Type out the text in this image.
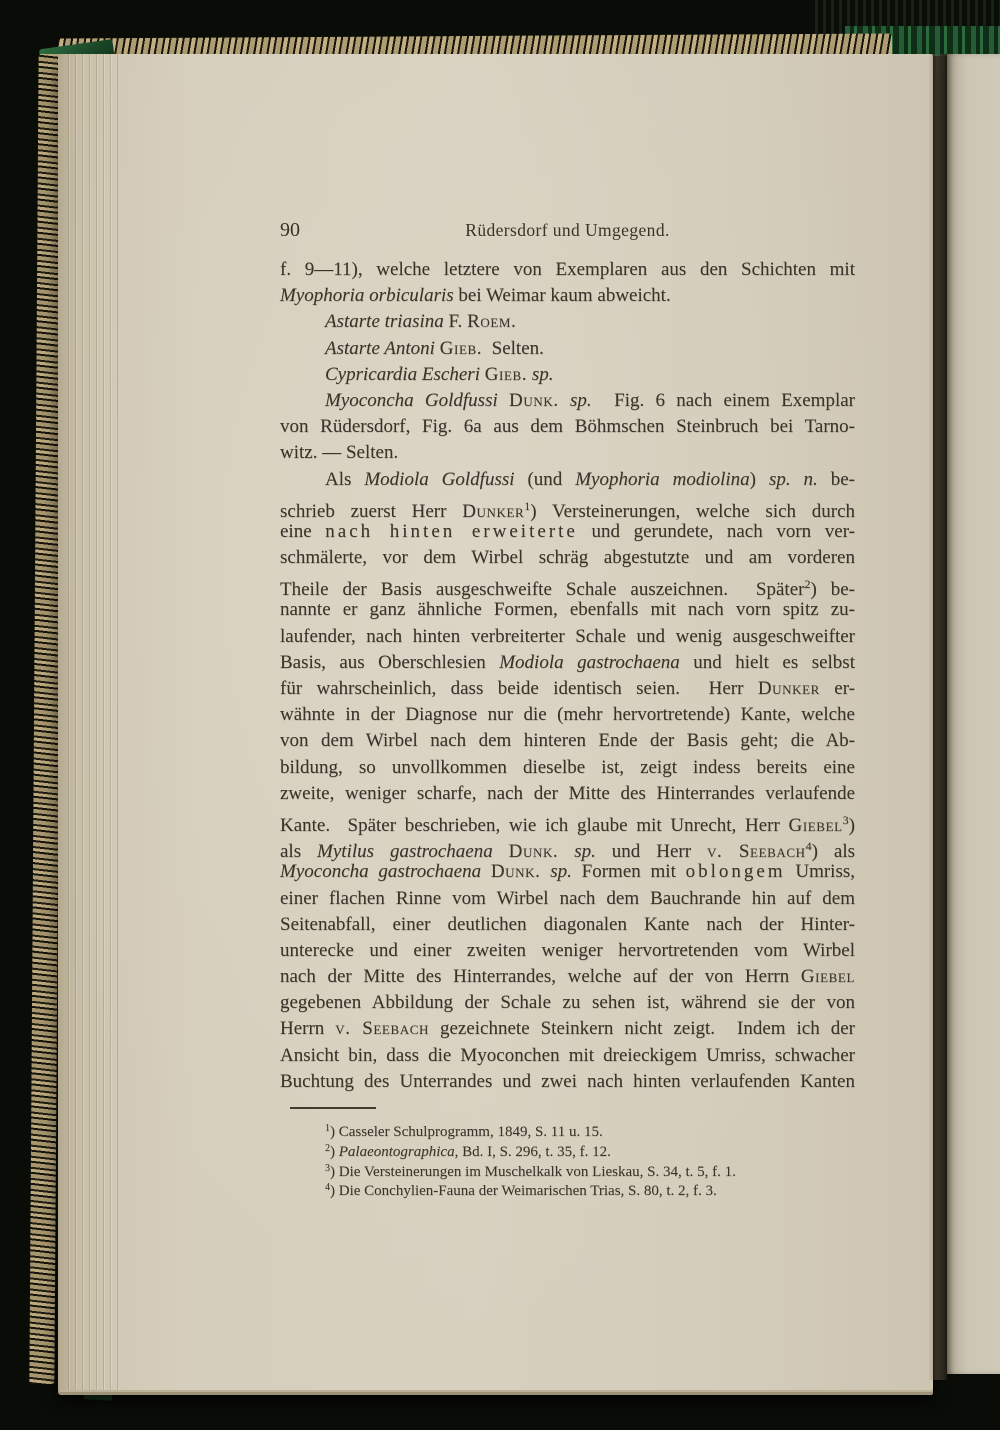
90	Rüdersdorf und Umgegend.
f. 9—11), welche letztere von Exemplaren aus den Schichten mit
Myophoria orbicularis bei Weimar kaum abweicht.
Astarte triasina F. Roem.
Astarte Antoni Gieb.  Selten.
Cypricardia Escheri Gieb. sp.
Myoconcha Goldfussi Dunk. sp.  Fig. 6 nach einem Exemplar
von Rüdersdorf, Fig. 6a aus dem Böhmschen Steinbruch bei Tarno-
witz. — Selten.
Als Modiola Goldfussi (und Myophoria modiolina) sp. n. be-
schrieb zuerst Herr Dunker$^1$) Versteinerungen, welche sich durch
eine nach hinten erweiterte und gerundete, nach vorn ver-
schmälerte, vor dem Wirbel schräg abgestutzte und am vorderen
Theile der Basis ausgeschweifte Schale auszeichnen.  Später$^2$) be-
nannte er ganz ähnliche Formen, ebenfalls mit nach vorn spitz zu-
laufender, nach hinten verbreiterter Schale und wenig ausgeschweifter
Basis, aus Oberschlesien Modiola gastrochaena und hielt es selbst
für wahrscheinlich, dass beide identisch seien.  Herr Dunker er-
wähnte in der Diagnose nur die (mehr hervortretende) Kante, welche
von dem Wirbel nach dem hinteren Ende der Basis geht; die Ab-
bildung, so unvollkommen dieselbe ist, zeigt indess bereits eine
zweite, weniger scharfe, nach der Mitte des Hinterrandes verlaufende
Kante.  Später beschrieben, wie ich glaube mit Unrecht, Herr Giebel$^3$)
als Mytilus gastrochaena Dunk. sp. und Herr v. Seebach$^4$) als
Myoconcha gastrochaena Dunk. sp. Formen mit oblongem Umriss,
einer flachen Rinne vom Wirbel nach dem Bauchrande hin auf dem
Seitenabfall, einer deutlichen diagonalen Kante nach der Hinter-
unterecke und einer zweiten weniger hervortretenden vom Wirbel
nach der Mitte des Hinterrandes, welche auf der von Herrn Giebel
gegebenen Abbildung der Schale zu sehen ist, während sie der von
Herrn v. Seebach gezeichnete Steinkern nicht zeigt.  Indem ich der
Ansicht bin, dass die Myoconchen mit dreieckigem Umriss, schwacher
Buchtung des Unterrandes und zwei nach hinten verlaufenden Kanten
$^1$) Casseler Schulprogramm, 1849, S. 11 u. 15.
$^2$) Palaeontographica, Bd. I, S. 296, t. 35, f. 12.
$^3$) Die Versteinerungen im Muschelkalk von Lieskau, S. 34, t. 5, f. 1.
$^4$) Die Conchylien-Fauna der Weimarischen Trias, S. 80, t. 2, f. 3.
